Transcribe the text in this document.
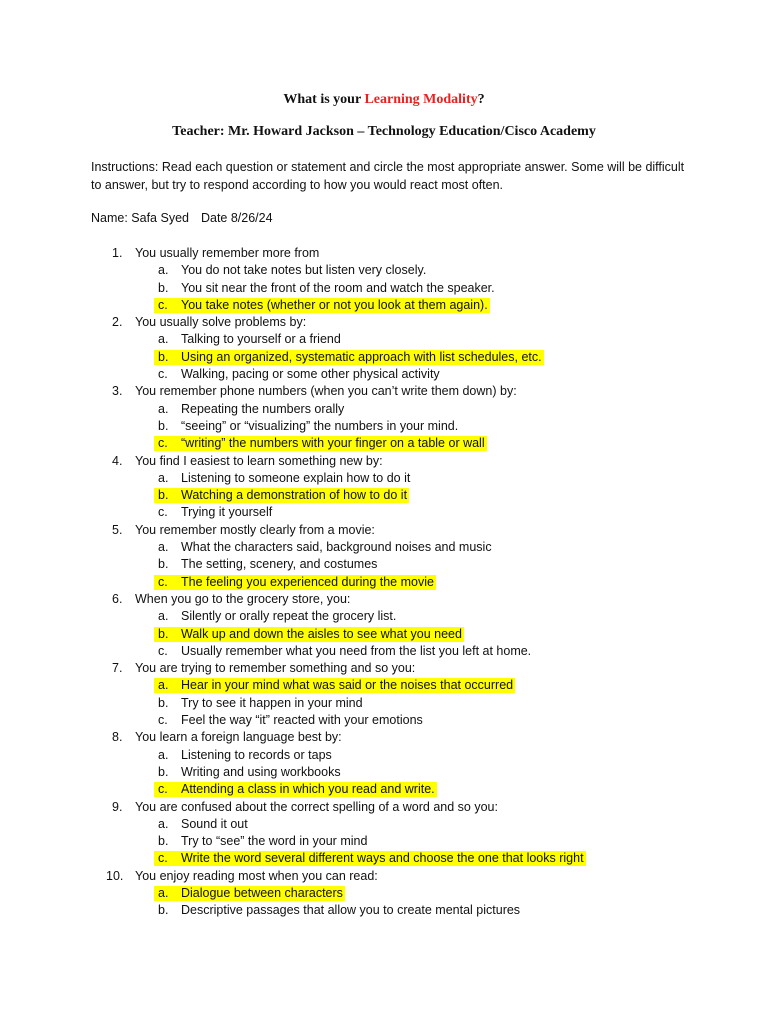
What is your Learning Modality?
Teacher: Mr. Howard Jackson – Technology Education/Cisco Academy
Instructions: Read each question or statement and circle the most appropriate answer. Some will be difficult to answer, but try to respond according to how you would react most often.
Name: Safa Syed Date 8/26/24
1.	You usually remember more from
a. You do not take notes but listen very closely.
b. You sit near the front of the room and watch the speaker.
c. You take notes (whether or not you look at them again).
2.	You usually solve problems by:
a. Talking to yourself or a friend
b. Using an organized, systematic approach with list schedules, etc.
c. Walking, pacing or some other physical activity
3.	You remember phone numbers (when you can’t write them down) by:
a. Repeating the numbers orally
b. “seeing” or “visualizing” the numbers in your mind.
c. “writing” the numbers with your finger on a table or wall
4.	You find I easiest to learn something new by:
a. Listening to someone explain how to do it
b. Watching a demonstration of how to do it
c. Trying it yourself
5.	You remember mostly clearly from a movie:
a. What the characters said, background noises and music
b. The setting, scenery, and costumes
c. The feeling you experienced during the movie
6.	When you go to the grocery store, you:
a. Silently or orally repeat the grocery list.
b. Walk up and down the aisles to see what you need
c. Usually remember what you need from the list you left at home.
7.	You are trying to remember something and so you:
a. Hear in your mind what was said or the noises that occurred
b. Try to see it happen in your mind
c. Feel the way “it” reacted with your emotions
8.	You learn a foreign language best by:
a. Listening to records or taps
b. Writing and using workbooks
c. Attending a class in which you read and write.
9.	You are confused about the correct spelling of a word and so you:
a. Sound it out
b. Try to “see” the word in your mind
c. Write the word several different ways and choose the one that looks right
10. You enjoy reading most when you can read:
a. Dialogue between characters
b. Descriptive passages that allow you to create mental pictures
